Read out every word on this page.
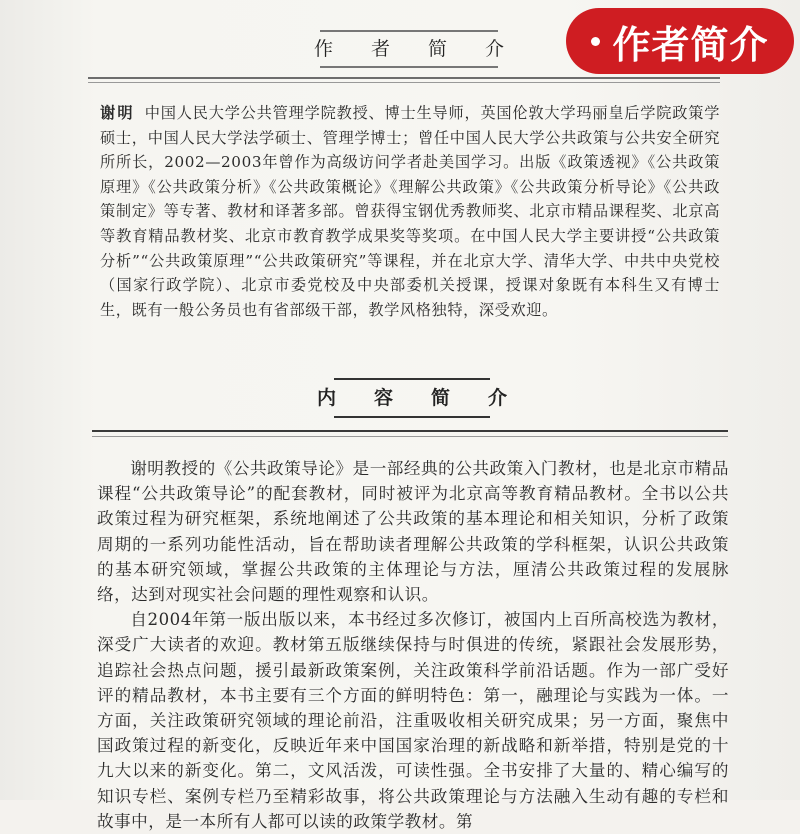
作者简介
作	者	简	介
谢明 中国人民大学公共管理学院教授、博士生导师，英国伦敦大学玛丽皇后学院政策学硕士，中国人民大学法学硕士、管理学博士；曾任中国人民大学公共政策与公共安全研究所所长，2002—2003年曾作为高级访问学者赴美国学习。出版《政策透视》《公共政策原理》《公共政策分析》《公共政策概论》《理解公共政策》《公共政策分析导论》《公共政策制定》等专著、教材和译著多部。曾获得宝钢优秀教师奖、北京市精品课程奖、北京高等教育精品教材奖、北京市教育教学成果奖等奖项。在中国人民大学主要讲授“公共政策分析”“公共政策原理”“公共政策研究”等课程，并在北京大学、清华大学、中共中央党校（国家行政学院）、北京市委党校及中央部委机关授课，授课对象既有本科生又有博士生，既有一般公务员也有省部级干部，教学风格独特，深受欢迎。
内	容	简	介

谢明教授的《公共政策导论》是一部经典的公共政策入门教材，也是北京市精品课程“公共政策导论”的配套教材，同时被评为北京高等教育精品教材。全书以公共政策过程为研究框架，系统地阐述了公共政策的基本理论和相关知识，分析了政策周期的一系列功能性活动，旨在帮助读者理解公共政策的学科框架，认识公共政策的基本研究领域，掌握公共政策的主体理论与方法，厘清公共政策过程的发展脉络，达到对现实社会问题的理性观察和认识。

自2004年第一版出版以来，本书经过多次修订，被国内上百所高校选为教材，深受广大读者的欢迎。教材第五版继续保持与时俱进的传统，紧跟社会发展形势，追踪社会热点问题，援引最新政策案例，关注政策科学前沿话题。作为一部广受好评的精品教材，本书主要有三个方面的鲜明特色：第一，融理论与实践为一体。一方面，关注政策研究领域的理论前沿，注重吸收相关研究成果；另一方面，聚焦中国政策过程的新变化，反映近年来中国国家治理的新战略和新举措，特别是党的十九大以来的新变化。第二，文风活泼，可读性强。全书安排了大量的、精心编写的知识专栏、案例专栏乃至精彩故事，将公共政策理论与方法融入生动有趣的专栏和故事中，是一本所有人都可以读的政策学教材。第
